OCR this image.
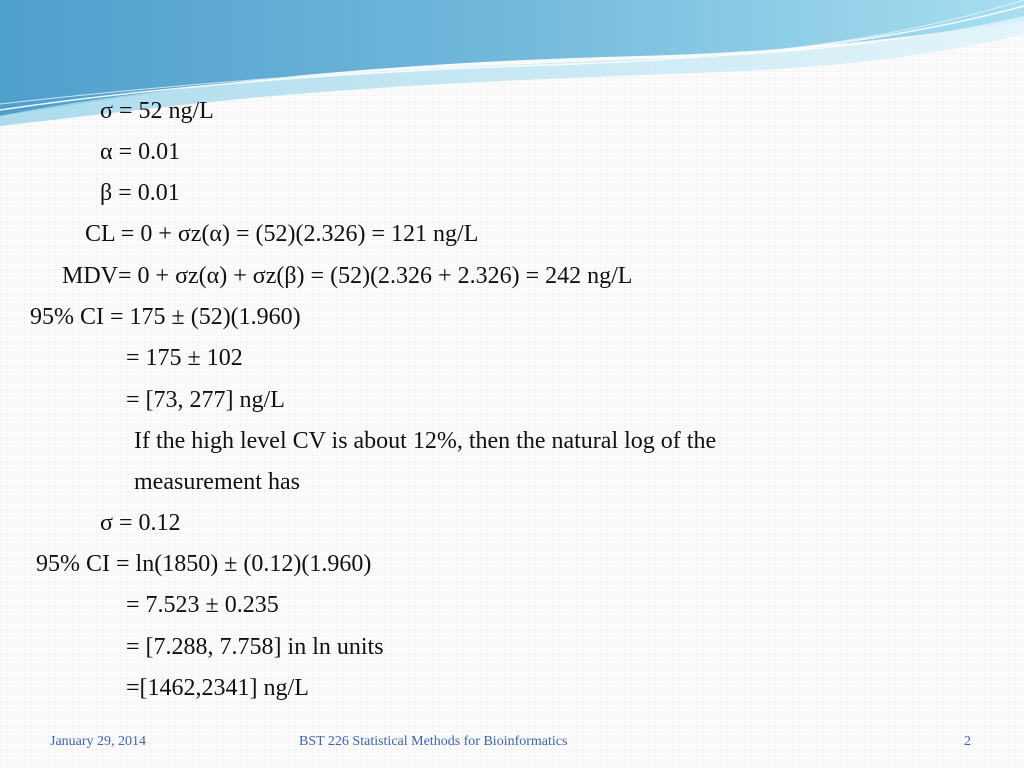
σ = 52 ng/L
α = 0.01
β = 0.01
CL = 0 + σz(α) = (52)(2.326) = 121 ng/L
MDV= 0 + σz(α) + σz(β) = (52)(2.326 + 2.326) = 242 ng/L
95% CI = 175 ± (52)(1.960)
= 175 ± 102
= [73, 277] ng/L
If the high level CV is about 12%, then the natural log of the
measurement has
σ = 0.12
95% CI = ln(1850) ± (0.12)(1.960)
= 7.523 ± 0.235
= [7.288, 7.758] in ln units
=[1462,2341] ng/L
January 29, 2014	BST 226 Statistical Methods for Bioinformatics	2
